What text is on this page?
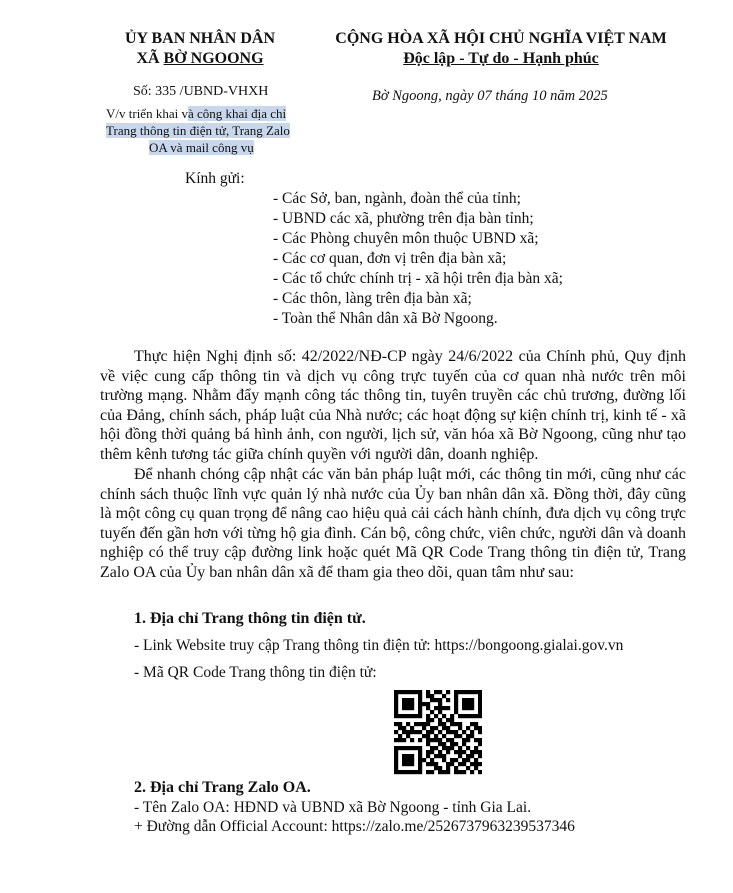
ỦY BAN NHÂN DÂN
XÃ BỜ NGOONG
CỘNG HÒA XÃ HỘI CHỦ NGHĨA VIỆT NAM
Độc lập - Tự do - Hạnh phúc
Số: 335 /UBND-VHXH	Bờ Ngoong, ngày 07 tháng 10 năm 2025
V/v triển khai và công khai địa chỉ
Trang thông tin điện tử, Trang Zalo
OA và mail công vụ
Kính gửi:
- Các Sở, ban, ngành, đoàn thể của tỉnh;
- UBND các xã, phường trên địa bàn tỉnh;
- Các Phòng chuyên môn thuộc UBND xã;
- Các cơ quan, đơn vị trên địa bàn xã;
- Các tổ chức chính trị - xã hội trên địa bàn xã;
- Các thôn, làng trên địa bàn xã;
- Toàn thể Nhân dân xã Bờ Ngoong.
Thực hiện Nghị định số: 42/2022/NĐ-CP ngày 24/6/2022 của Chính phủ, Quy định về việc cung cấp thông tin và dịch vụ công trực tuyến của cơ quan nhà nước trên môi trường mạng. Nhằm đẩy mạnh công tác thông tin, tuyên truyền các chủ trương, đường lối của Đảng, chính sách, pháp luật của Nhà nước; các hoạt động sự kiện chính trị, kinh tế - xã hội đồng thời quảng bá hình ảnh, con người, lịch sử, văn hóa xã Bờ Ngoong, cũng như tạo thêm kênh tương tác giữa chính quyền với người dân, doanh nghiệp.
Để nhanh chóng cập nhật các văn bản pháp luật mới, các thông tin mới, cũng như các chính sách thuộc lĩnh vực quản lý nhà nước của Ủy ban nhân dân xã. Đồng thời, đây cũng là một công cụ quan trọng để nâng cao hiệu quả cải cách hành chính, đưa dịch vụ công trực tuyến đến gần hơn với từng hộ gia đình. Cán bộ, công chức, viên chức, người dân và doanh nghiệp có thể truy cập đường link hoặc quét Mã QR Code Trang thông tin điện tử, Trang Zalo OA của Ủy ban nhân dân xã để tham gia theo dõi, quan tâm như sau:
1. Địa chỉ Trang thông tin điện tử.
- Link Website truy cập Trang thông tin điện tử: https://bongoong.gialai.gov.vn
- Mã QR Code Trang thông tin điện tử:
2. Địa chỉ Trang Zalo OA.
- Tên Zalo OA: HĐND và UBND xã Bờ Ngoong - tỉnh Gia Lai.
+ Đường dẫn Official Account: https://zalo.me/2526737963239537346
